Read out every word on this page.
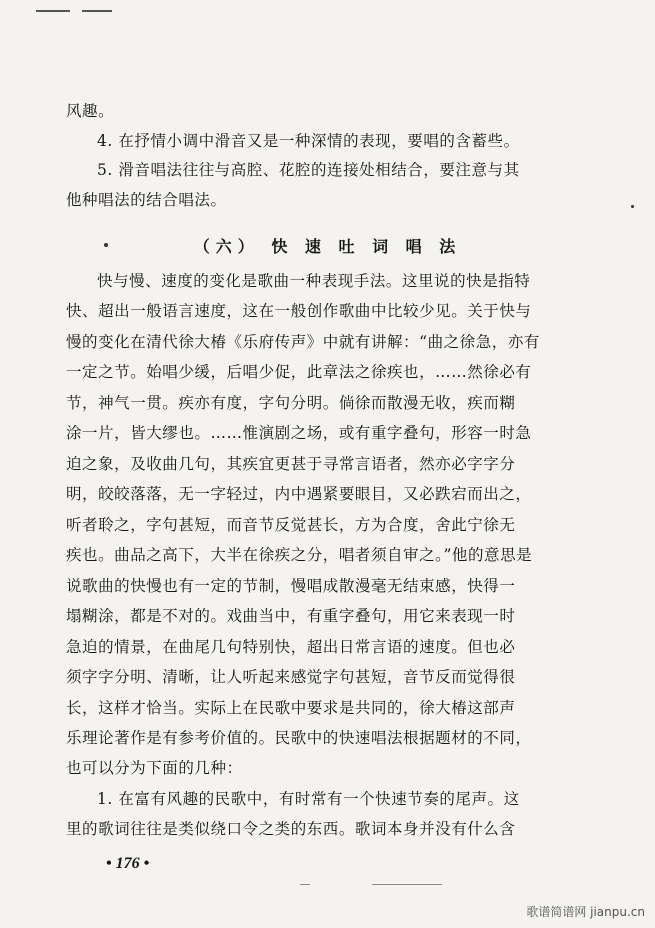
风趣。
4. 在抒情小调中滑音又是一种深情的表现，要唱的含蓄些。
5. 滑音唱法往往与高腔、花腔的连接处相结合，要注意与其
他种唱法的结合唱法。
（六） 快 速 吐 词 唱 法
快与慢、速度的变化是歌曲一种表现手法。这里说的快是指特
快、超出一般语言速度，这在一般创作歌曲中比较少见。关于快与
慢的变化在清代徐大椿《乐府传声》中就有讲解：“曲之徐急，亦有
一定之节。始唱少缓，后唱少促，此章法之徐疾也，……然徐必有
节，神气一贯。疾亦有度，字句分明。倘徐而散漫无收，疾而糊
涂一片，皆大缪也。……惟演剧之场，或有重字叠句，形容一时急
迫之象，及收曲几句，其疾宜更甚于寻常言语者，然亦必字字分
明，皎皎落落，无一字轻过，内中遇紧要眼目，又必跌宕而出之，
听者聆之，字句甚短，而音节反觉甚长，方为合度，舍此宁徐无
疾也。曲品之高下，大半在徐疾之分，唱者须自审之。”他的意思是
说歌曲的快慢也有一定的节制，慢唱成散漫毫无结束感，快得一
塌糊涂，都是不对的。戏曲当中，有重字叠句，用它来表现一时
急迫的情景，在曲尾几句特别快，超出日常言语的速度。但也必
须字字分明、清晰，让人听起来感觉字句甚短，音节反而觉得很
长，这样才恰当。实际上在民歌中要求是共同的，徐大椿这部声
乐理论著作是有参考价值的。民歌中的快速唱法根据题材的不同，
也可以分为下面的几种：
1. 在富有风趣的民歌中，有时常有一个快速节奏的尾声。这
里的歌词往往是类似绕口令之类的东西。歌词本身并没有什么含
• 176 •
歌谱简谱网 jianpu.cn
